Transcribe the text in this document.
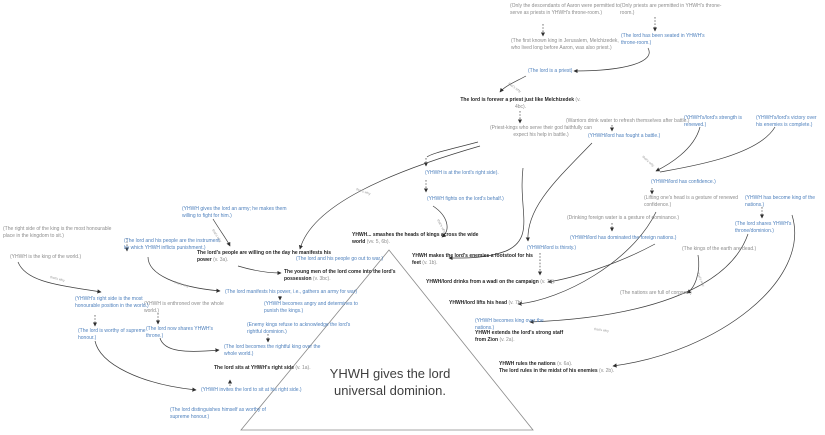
that's why
that's why
that's why
that's why
that's why
that's why
that's why
that's why
that's why
(Only the descendants of Aaron were permitted to serve as priests in YHWH's throne-room.)
(Only priests are permitted in YHWH's throne-room.)
(The first known king in Jerusalem, Melchizedek, who lived long before Aaron, was also priest.)
(Warriors drink water to refresh themselves after battle.)
(Priest-kings who serve their god faithfully can expect his help in battle.)
(Lifting one's head is a gesture of renewed confidence.)
(Drinking foreign water is a gesture of dominance.)
(The right side of the king is the most honourable place in the kingdom to sit.)
(YHWH is the king of the world.)
(YHWH is enthroned over the whole world.)
(The kings of the earth are dead.)
(The nations are full of corpses.)
(The lord has been seated in YHWH's throne-room.)
(The lord is a priest)
(YHWH/lord has fought a battle.)
(YHWH's/lord's strength is renewed.)
(YHWH's/lord's victory over his enemies is complete.)
(YHWH/lord has confidence.)
(YHWH has become king of the nations.)
(YHWH is at the lord's right side).
(YHWH fights on the lord's behalf.)
(YHWH gives the lord an army; he makes them willing to fight for him.)
(The lord and his people are the instrument by which YHWH inflicts punishment.)
(The lord and his people go out to war.)
(The lord manifests his power, i.e., gathers an army for war)
(YHWH becomes angry and determines to punish the kings.)
(YHWH's right side is the most honourable position in the world.)
(The lord is worthy of supreme honour.)
(The lord now shares YHWH's throne.)
(Enemy kings refuse to acknowledge the lord's rightful dominion.)
(The lord becomes the rightful king over the whole world.)
(YHWH invites the lord to sit at his right side.)
(The lord distinguishes himself as worthy of supreme honour.)
(YHWH/lord has dominated the foreign nations.)
(YHWH/lord is thirsty.)
(The lord shares YHWH's throne/dominion.)
(YHWH becomes king over the nations.)
The lord is forever a priest just like Melchizedek (v. 4bc).
The lord's people are willing on the day he manifests his power (v. 3a).
YHWH... smashes the heads of kings across the wide world (vv. 5, 6b).
The young men of the lord come into the lord's possession (v. 3bc).
YHWH makes the lord's enemies a footstool for his feet (v. 1b).
YHWH/lord drinks from a wadi on the campaign (v. 7a).
YHWH/lord lifts his head (v. 7b).
YHWH extends the lord's strong staff from Zion (v. 2a).
YHWH rules the nations (v. 6a).
The lord rules in the midst of his enemies (v. 2b).
The lord sits at YHWH's right side (v. 1a).	YHWH gives the lord
universal dominion.
